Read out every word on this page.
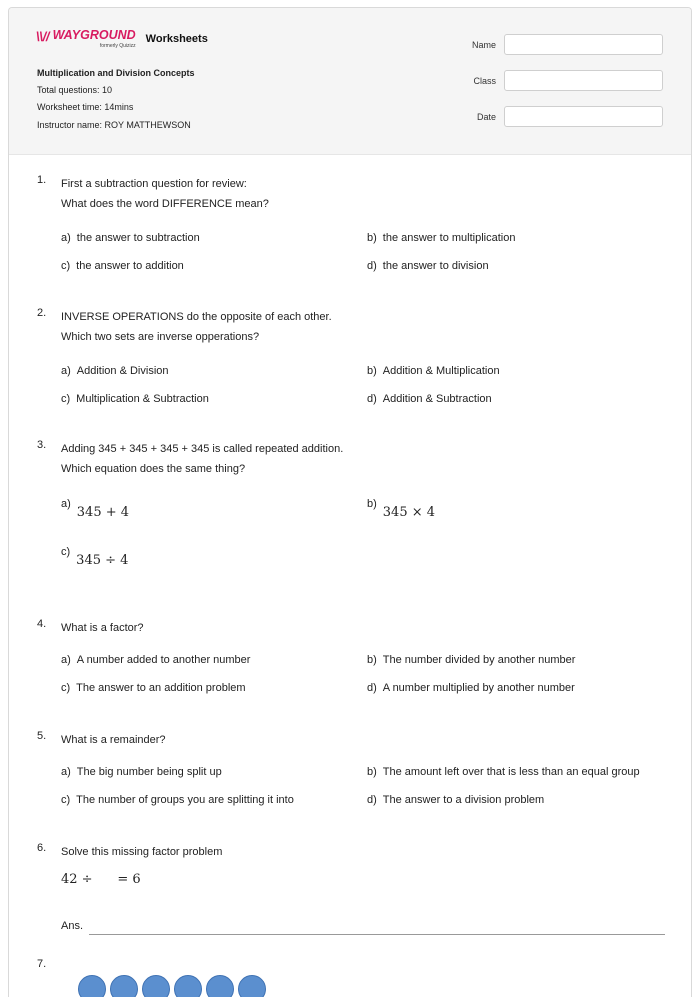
\\// WAYGROUND
formerly Quizizz
Worksheets
Multiplication and Division Concepts
Total questions: 10
Worksheet time: 14mins
Instructor name: ROY MATTHEWSON
Name
Class
Date
1.	First a subtraction question for review:
What does the word DIFFERENCE mean?
a) the answer to subtraction	b) the answer to multiplication
c) the answer to addition	d) the answer to division
2.	INVERSE OPERATIONS do the opposite of each other.
Which two sets are inverse opperations?
a) Addition & Division	b) Addition & Multiplication
c) Multiplication & Subtraction	d) Addition & Subtraction
3.	Adding 345 + 345 + 345 + 345 is called repeated addition.
Which equation does the same thing?
a)345 + 4
b)345 × 4
c)345 ÷ 4
4.	What is a factor?
a) A number added to another number	b) The number divided by another number
c) The answer to an addition problem	d) A number multiplied by another number
5.	What is a remainder?
a) The big number being split up	b) The amount left over that is less than an equal group
c) The number of groups you are splitting it into	d) The answer to a division problem
6.	Solve this missing factor problem
42 ÷      = 6
Ans.
7.
